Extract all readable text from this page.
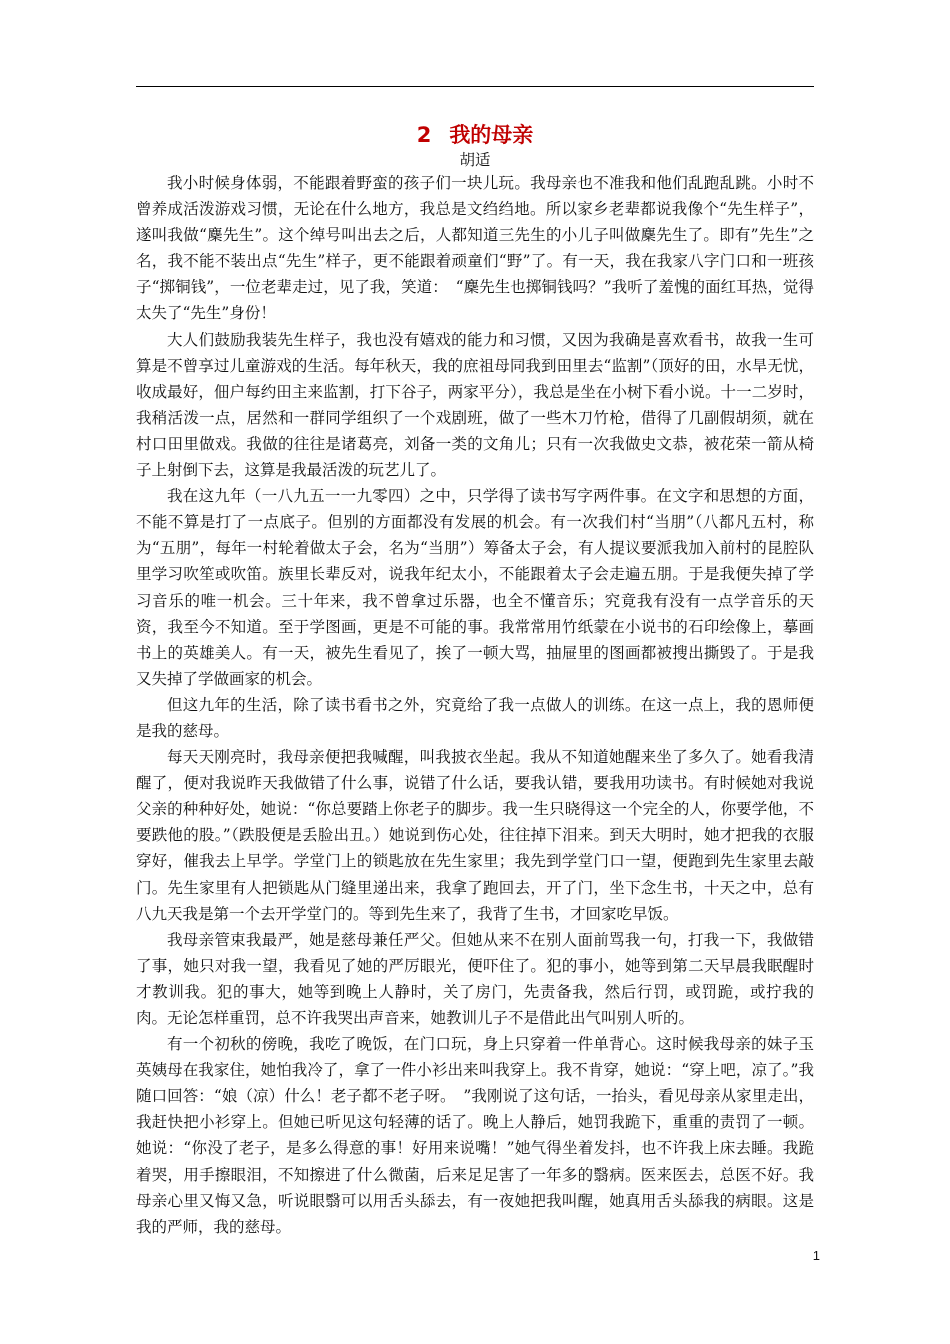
2 我的母亲
胡适

我小时候身体弱，不能跟着野蛮的孩子们一块儿玩。我母亲也不准我和他们乱跑乱跳。小时不曾养成活泼游戏习惯，无论在什么地方，我总是文绉绉地。所以家乡老辈都说我像个“先生样子”，遂叫我做“麇先生”。这个绰号叫出去之后，人都知道三先生的小儿子叫做麇先生了。即有”先生”之名，我不能不装出点“先生”样子，更不能跟着顽童们“野”了。有一天，我在我家八字门口和一班孩子“掷铜钱”，一位老辈走过，见了我，笑道：　“麇先生也掷铜钱吗？”我听了羞愧的面红耳热，觉得太失了“先生”身份！

大人们鼓励我装先生样子，我也没有嬉戏的能力和习惯，又因为我确是喜欢看书，故我一生可算是不曾享过儿童游戏的生活。每年秋天，我的庶祖母同我到田里去“监割”（顶好的田，水旱无忧，收成最好，佃户每约田主来监割，打下谷子，两家平分），我总是坐在小树下看小说。十一二岁时，我稍活泼一点，居然和一群同学组织了一个戏剧班，做了一些木刀竹枪，借得了几副假胡须，就在村口田里做戏。我做的往往是诸葛亮，刘备一类的文角儿；只有一次我做史文恭，被花荣一箭从椅子上射倒下去，这算是我最活泼的玩艺儿了。

我在这九年（一八九五一一九零四）之中，只学得了读书写字两件事。在文字和思想的方面，不能不算是打了一点底子。但别的方面都没有发展的机会。有一次我们村“当朋”（八都凡五村，称为“五朋”，每年一村轮着做太子会，名为“当朋”）筹备太子会，有人提议要派我加入前村的昆腔队里学习吹笙或吹笛。族里长辈反对，说我年纪太小，不能跟着太子会走遍五朋。于是我便失掉了学习音乐的唯一机会。三十年来，我不曾拿过乐器，也全不懂音乐；究竟我有没有一点学音乐的天资，我至今不知道。至于学图画，更是不可能的事。我常常用竹纸蒙在小说书的石印绘像上，摹画书上的英雄美人。有一天，被先生看见了，挨了一顿大骂，抽屉里的图画都被搜出撕毁了。于是我又失掉了学做画家的机会。

但这九年的生活，除了读书看书之外，究竟给了我一点做人的训练。在这一点上，我的恩师便是我的慈母。

每天天刚亮时，我母亲便把我喊醒，叫我披衣坐起。我从不知道她醒来坐了多久了。她看我清醒了，便对我说昨天我做错了什么事，说错了什么话，要我认错，要我用功读书。有时候她对我说父亲的种种好处，她说：“你总要踏上你老子的脚步。我一生只晓得这一个完全的人，你要学他，不要跌他的股。”（跌股便是丢脸出丑。）她说到伤心处，往往掉下泪来。到天大明时，她才把我的衣服穿好，催我去上早学。学堂门上的锁匙放在先生家里；我先到学堂门口一望，便跑到先生家里去敲门。先生家里有人把锁匙从门缝里递出来，我拿了跑回去，开了门，坐下念生书，十天之中，总有八九天我是第一个去开学堂门的。等到先生来了，我背了生书，才回家吃早饭。

我母亲管束我最严，她是慈母兼任严父。但她从来不在别人面前骂我一句，打我一下，我做错了事，她只对我一望，我看见了她的严厉眼光，便吓住了。犯的事小，她等到第二天早晨我眠醒时才教训我。犯的事大，她等到晚上人静时，关了房门，先责备我，然后行罚，或罚跪，或拧我的肉。无论怎样重罚，总不许我哭出声音来，她教训儿子不是借此出气叫别人听的。

有一个初秋的傍晚，我吃了晚饭，在门口玩，身上只穿着一件单背心。这时候我母亲的妹子玉英姨母在我家住，她怕我冷了，拿了一件小衫出来叫我穿上。我不肯穿，她说：“穿上吧，凉了。”我随口回答：“娘（凉）什么！老子都不老子呀。　”我刚说了这句话，一抬头，看见母亲从家里走出，我赶快把小衫穿上。但她已听见这句轻薄的话了。晚上人静后，她罚我跪下，重重的责罚了一顿。她说：“你没了老子，是多么得意的事！好用来说嘴！”她气得坐着发抖，也不许我上床去睡。我跪着哭，用手擦眼泪，不知擦进了什么微菌，后来足足害了一年多的翳病。医来医去，总医不好。我母亲心里又悔又急，听说眼翳可以用舌头舔去，有一夜她把我叫醒，她真用舌头舔我的病眼。这是我的严师，我的慈母。

1
